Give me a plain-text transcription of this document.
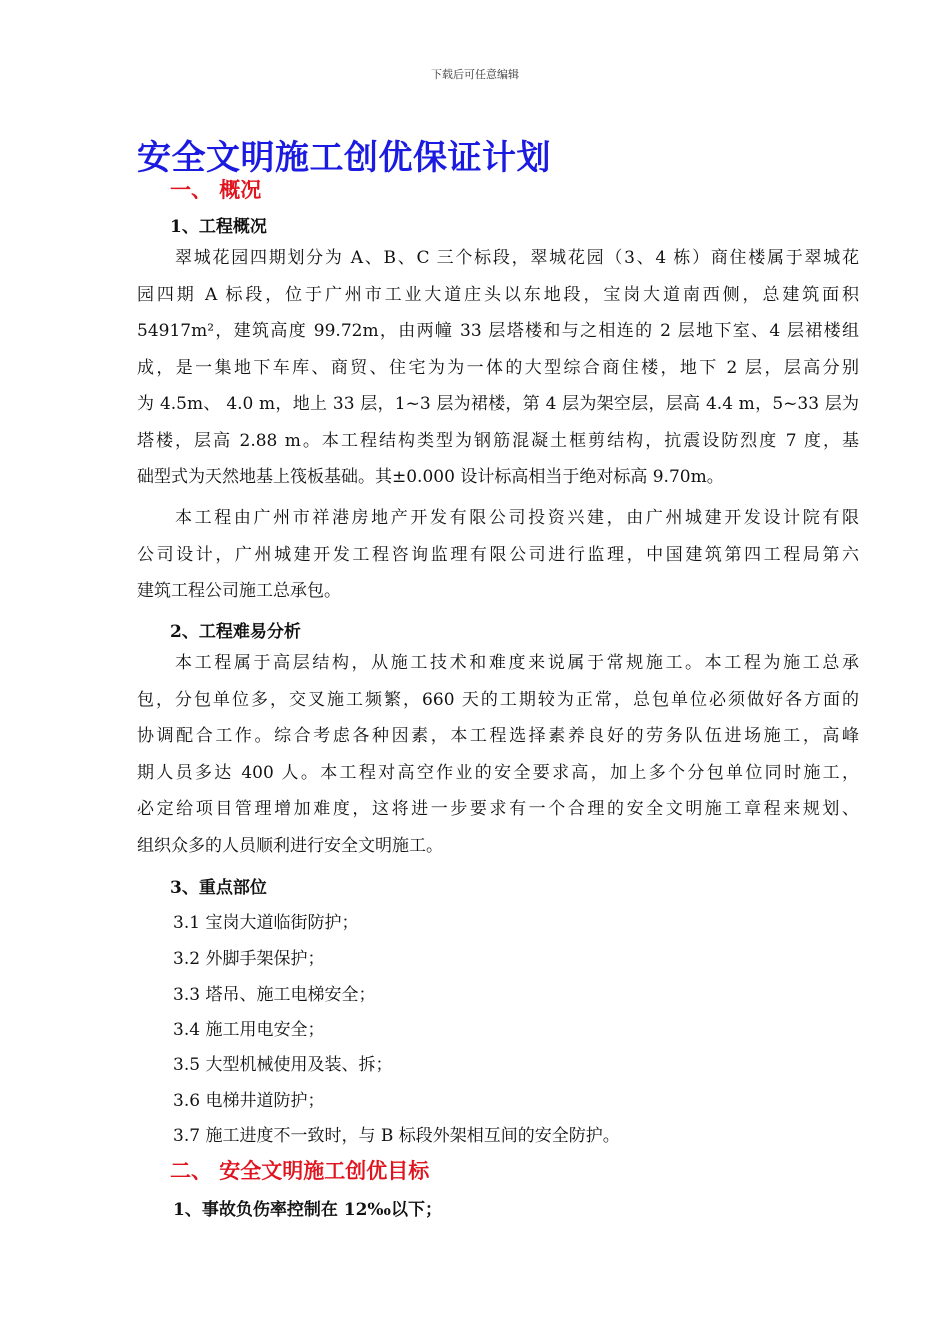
下载后可任意编辑
安全文明施工创优保证计划
一、 概况
1、工程概况

翠城花园四期划分为 A、B、C 三个标段，翠城花园（3、4 栋）商住楼属于翠城花
园四期 A 标段，位于广州市工业大道庄头以东地段，宝岗大道南西侧，总建筑面积
54917m²，建筑高度 99.72m，由两幢 33 层塔楼和与之相连的 2 层地下室、4 层裙楼组
成，是一集地下车库、商贸、住宅为为一体的大型综合商住楼，地下 2 层，层高分别
为 4.5m、 4.0 m，地上 33 层，1~3 层为裙楼，第 4 层为架空层，层高 4.4 m，5~33 层为
塔楼，层高 2.88 m。本工程结构类型为钢筋混凝土框剪结构，抗震设防烈度 7 度，基
础型式为天然地基上筏板基础。其±0.000 设计标高相当于绝对标高 9.70m。

本工程由广州市祥港房地产开发有限公司投资兴建，由广州城建开发设计院有限
公司设计，广州城建开发工程咨询监理有限公司进行监理，中国建筑第四工程局第六
建筑工程公司施工总承包。

2、工程难易分析

本工程属于高层结构，从施工技术和难度来说属于常规施工。本工程为施工总承
包，分包单位多，交叉施工频繁，660 天的工期较为正常，总包单位必须做好各方面的
协调配合工作。综合考虑各种因素，本工程选择素养良好的劳务队伍进场施工，高峰
期人员多达 400 人。本工程对高空作业的安全要求高，加上多个分包单位同时施工，
必定给项目管理增加难度，这将进一步要求有一个合理的安全文明施工章程来规划、
组织众多的人员顺利进行安全文明施工。

3、重点部位

3.1 宝岗大道临街防护；

3.2 外脚手架保护；

3.3 塔吊、施工电梯安全；

3.4 施工用电安全；

3.5 大型机械使用及装、拆；

3.6 电梯井道防护；

3.7 施工进度不一致时，与 B 标段外架相互间的安全防护。

二、 安全文明施工创优目标
1、事故负伤率控制在 12‰以下；
